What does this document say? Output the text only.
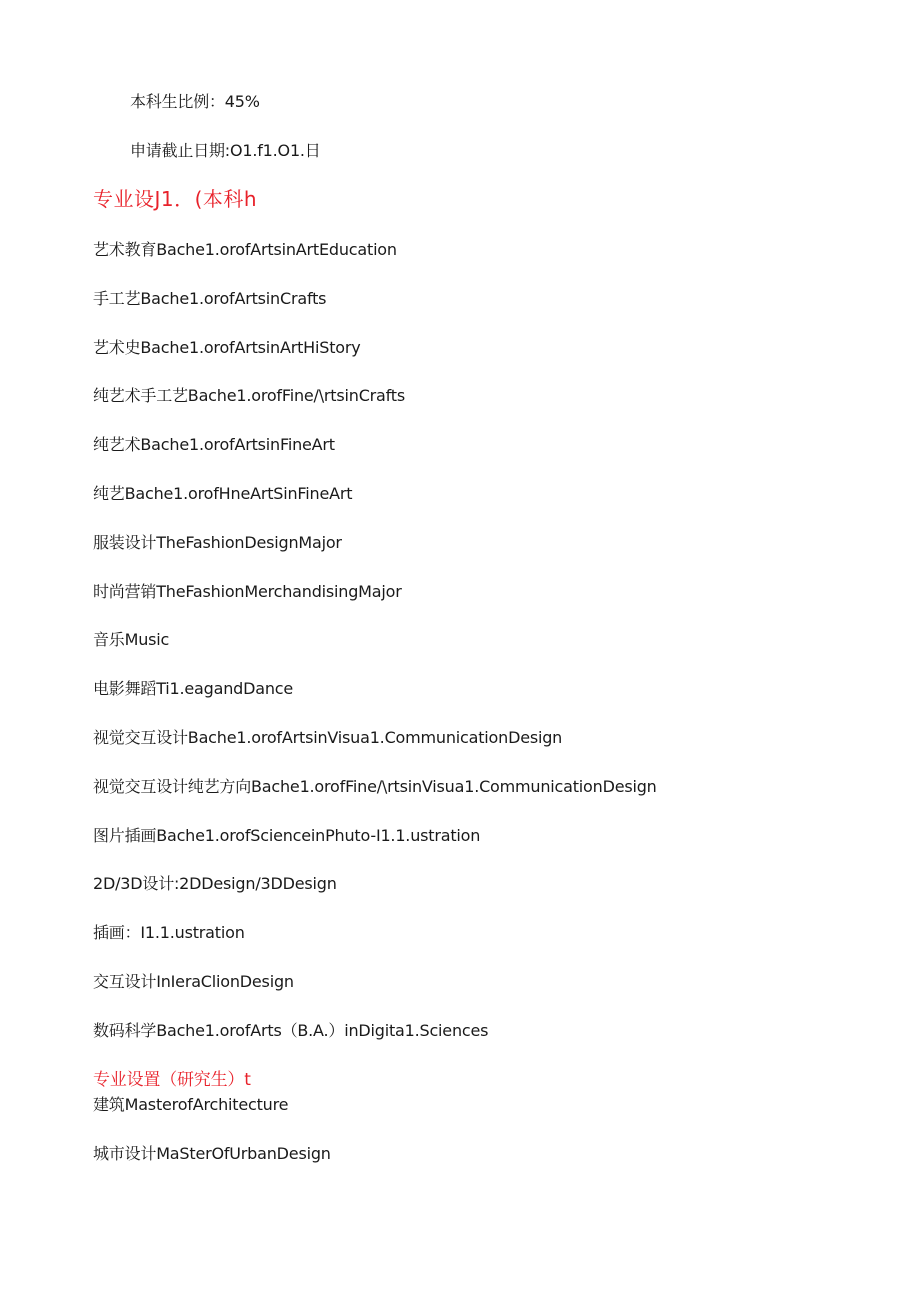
本科生比例：45%
申请截止日期:O1.f1.O1.日
专业设J1．(本科h
艺术教育Bache1.orofArtsinArtEducation
手工艺Bache1.orofArtsinCrafts
艺术史Bache1.orofArtsinArtHiStory
纯艺术手工艺Bache1.orofFine∕\rtsinCrafts
纯艺术Bache1.orofArtsinFineArt
纯艺Bache1.orofHneArtSinFineArt
服装设计TheFashionDesignMajor
时尚营销TheFashionMerchandisingMajor
音乐Music
电影舞蹈Ti1.eagandDance
视觉交互设计Bache1.orofArtsinVisua1.CommunicationDesign
视觉交互设计纯艺方向Bache1.orofFine∕\rtsinVisua1.CommunicationDesign
图片插画Bache1.orofScienceinPhuto-I1.1.ustration
2D∕3D设计:2DDesign∕3DDesign
插画：I1.1.ustration
交互设计InIeraClionDesign
数码科学Bache1.orofArts（B.A.）inDigita1.Sciences
专业设置（研究生）t
建筑MasterofArchitecture
城市设计MaSterOfUrbanDesign
